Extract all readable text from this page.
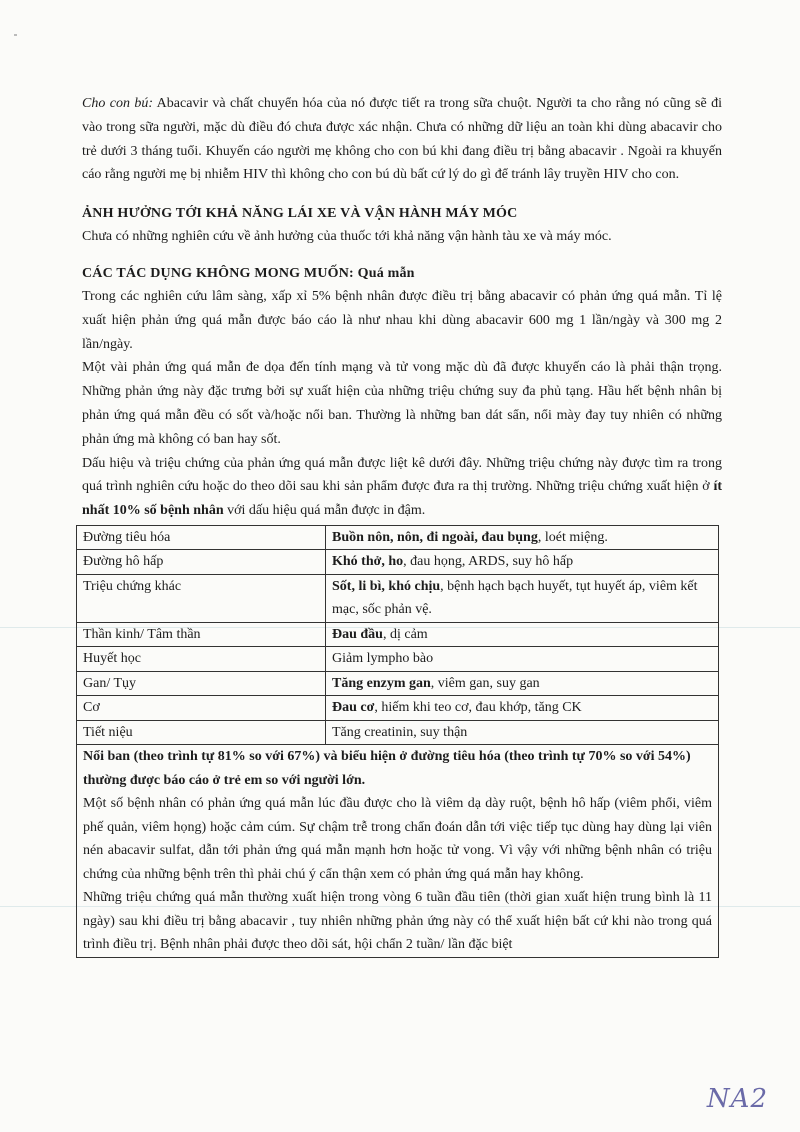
Cho con bú: Abacavir và chất chuyển hóa của nó được tiết ra trong sữa chuột. Người ta cho rằng nó cũng sẽ đi vào trong sữa người, mặc dù điều đó chưa được xác nhận. Chưa có những dữ liệu an toàn khi dùng abacavir cho trẻ dưới 3 tháng tuổi. Khuyến cáo người mẹ không cho con bú khi đang điều trị bằng abacavir . Ngoài ra khuyến cáo rằng người mẹ bị nhiễm HIV thì không cho con bú dù bất cứ lý do gì để tránh lây truyền HIV cho con.

ẢNH HƯỞNG TỚI KHẢ NĂNG LÁI XE VÀ VẬN HÀNH MÁY MÓC

Chưa có những nghiên cứu về ảnh hưởng của thuốc tới khả năng vận hành tàu xe và máy móc.

CÁC TÁC DỤNG KHÔNG MONG MUỐN: Quá mẫn

Trong các nghiên cứu lâm sàng, xấp xỉ 5% bệnh nhân được điều trị bằng abacavir có phản ứng quá mẫn. Tỉ lệ xuất hiện phản ứng quá mẫn được báo cáo là như nhau khi dùng abacavir 600 mg 1 lần/ngày và 300 mg 2 lần/ngày.

Một vài phản ứng quá mẫn đe dọa đến tính mạng và tử vong mặc dù đã được khuyến cáo là phải thận trọng. Những phản ứng này đặc trưng bởi sự xuất hiện của những triệu chứng suy đa phủ tạng. Hầu hết bệnh nhân bị phản ứng quá mẫn đều có sốt và/hoặc nổi ban. Thường là những ban dát sẩn, nổi mày đay tuy nhiên có những phản ứng mà không có ban hay sốt.

Dấu hiệu và triệu chứng của phản ứng quá mẫn được liệt kê dưới đây. Những triệu chứng này được tìm ra trong quá trình nghiên cứu hoặc do theo dõi sau khi sản phẩm được đưa ra thị trường. Những triệu chứng xuất hiện ở ít nhất 10% số bệnh nhân với dấu hiệu quá mẫn được in đậm.

Đường tiêu hóa	Buồn nôn, nôn, đi ngoài, đau bụng, loét miệng.
Đường hô hấp	Khó thở, ho, đau họng, ARDS, suy hô hấp
Triệu chứng khác	Sốt, li bì, khó chịu, bệnh hạch bạch huyết, tụt huyết áp, viêm kết mạc, sốc phản vệ.
Thần kinh/ Tâm thần	Đau đầu, dị cảm
Huyết học	Giảm lympho bào
Gan/ Tụy	Tăng enzym gan, viêm gan, suy gan
Cơ	Đau cơ, hiếm khi teo cơ, đau khớp, tăng CK
Tiết niệu	Tăng creatinin, suy thận

Nổi ban (theo trình tự 81% so với 67%) và biểu hiện ở đường tiêu hóa (theo trình tự 70% so với 54%) thường được báo cáo ở trẻ em so với người lớn.

Một số bệnh nhân có phản ứng quá mẫn lúc đầu được cho là viêm dạ dày ruột, bệnh hô hấp (viêm phổi, viêm phế quản, viêm họng) hoặc cảm cúm. Sự chậm trễ trong chẩn đoán dẫn tới việc tiếp tục dùng hay dùng lại viên nén abacavir sulfat, dẫn tới phản ứng quá mẫn mạnh hơn hoặc tử vong. Vì vậy với những bệnh nhân có triệu chứng của những bệnh trên thì phải chú ý cẩn thận xem có phản ứng quá mẫn hay không.

Những triệu chứng quá mẫn thường xuất hiện trong vòng 6 tuần đầu tiên (thời gian xuất hiện trung bình là 11 ngày) sau khi điều trị bằng abacavir , tuy nhiên những phản ứng này có thể xuất hiện bất cứ khi nào trong quá trình điều trị. Bệnh nhân phải được theo dõi sát, hội chẩn 2 tuần/ lần đặc biệt	

NA2
